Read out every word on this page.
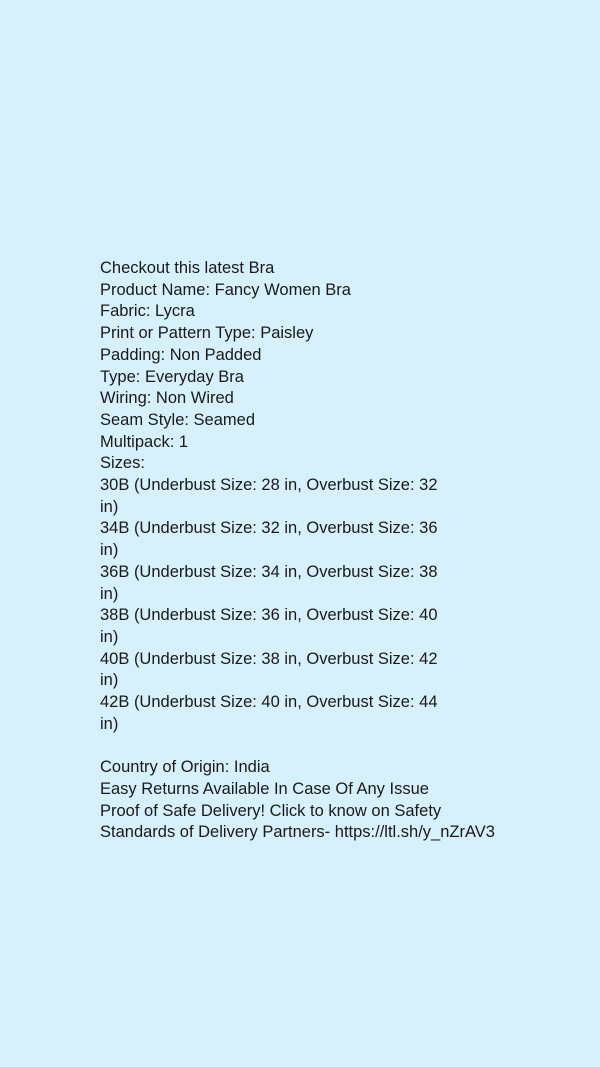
Checkout this latest Bra
Product Name: Fancy Women Bra
Fabric: Lycra
Print or Pattern Type: Paisley
Padding: Non Padded
Type: Everyday Bra
Wiring: Non Wired
Seam Style: Seamed
Multipack: 1
Sizes:
30B (Underbust Size: 28 in, Overbust Size: 32 in)
34B (Underbust Size: 32 in, Overbust Size: 36 in)
36B (Underbust Size: 34 in, Overbust Size: 38 in)
38B (Underbust Size: 36 in, Overbust Size: 40 in)
40B (Underbust Size: 38 in, Overbust Size: 42 in)
42B (Underbust Size: 40 in, Overbust Size: 44 in)
Country of Origin: India
Easy Returns Available In Case Of Any Issue
Proof of Safe Delivery! Click to know on Safety
Standards of Delivery Partners- https://ltl.sh/y_nZrAV3
